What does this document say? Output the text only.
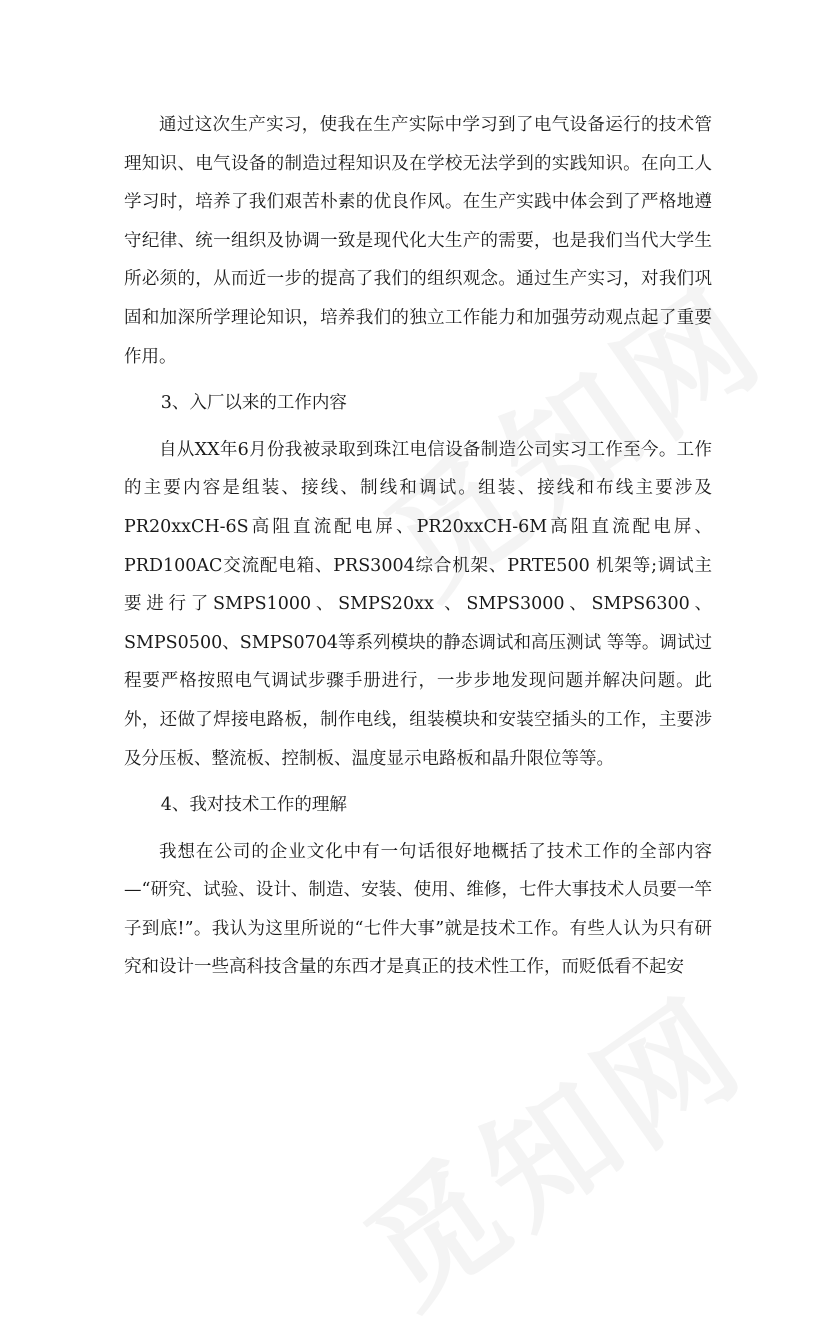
通过这次生产实习，使我在生产实际中学习到了电气设备运行的技术管理知识、电气设备的制造过程知识及在学校无法学到的实践知识。在向工人学习时，培养了我们艰苦朴素的优良作风。在生产实践中体会到了严格地遵守纪律、统一组织及协调一致是现代化大生产的需要，也是我们当代大学生所必须的，从而近一步的提高了我们的组织观念。通过生产实习，对我们巩固和加深所学理论知识，培养我们的独立工作能力和加强劳动观点起了重要作用。

3、入厂以来的工作内容

自从XX年6月份我被录取到珠江电信设备制造公司实习工作至今。工作的主要内容是组装、接线、制线和调试。组装、接线和布线主要涉及PR20xxCH-6S高阻直流配电屏、PR20xxCH-6M高阻直流配电屏、PRD100AC交流配电箱、PRS3004综合机架、PRTE500 机架等;调试主要进行了SMPS1000、SMPS20xx 、SMPS3000、SMPS6300、SMPS0500、SMPS0704等系列模块的静态调试和高压测试 等等。调试过程要严格按照电气调试步骤手册进行，一步步地发现问题并解决问题。此外，还做了焊接电路板，制作电线，组装模块和安装空插头的工作，主要涉及分压板、整流板、控制板、温度显示电路板和晶升限位等等。

4、我对技术工作的理解

我想在公司的企业文化中有一句话很好地概括了技术工作的全部内容—“研究、试验、设计、制造、安装、使用、维修，七件大事技术人员要一竿子到底!”。我认为这里所说的“七件大事”就是技术工作。有些人认为只有研究和设计一些高科技含量的东西才是真正的技术性工作，而贬低看不起安
